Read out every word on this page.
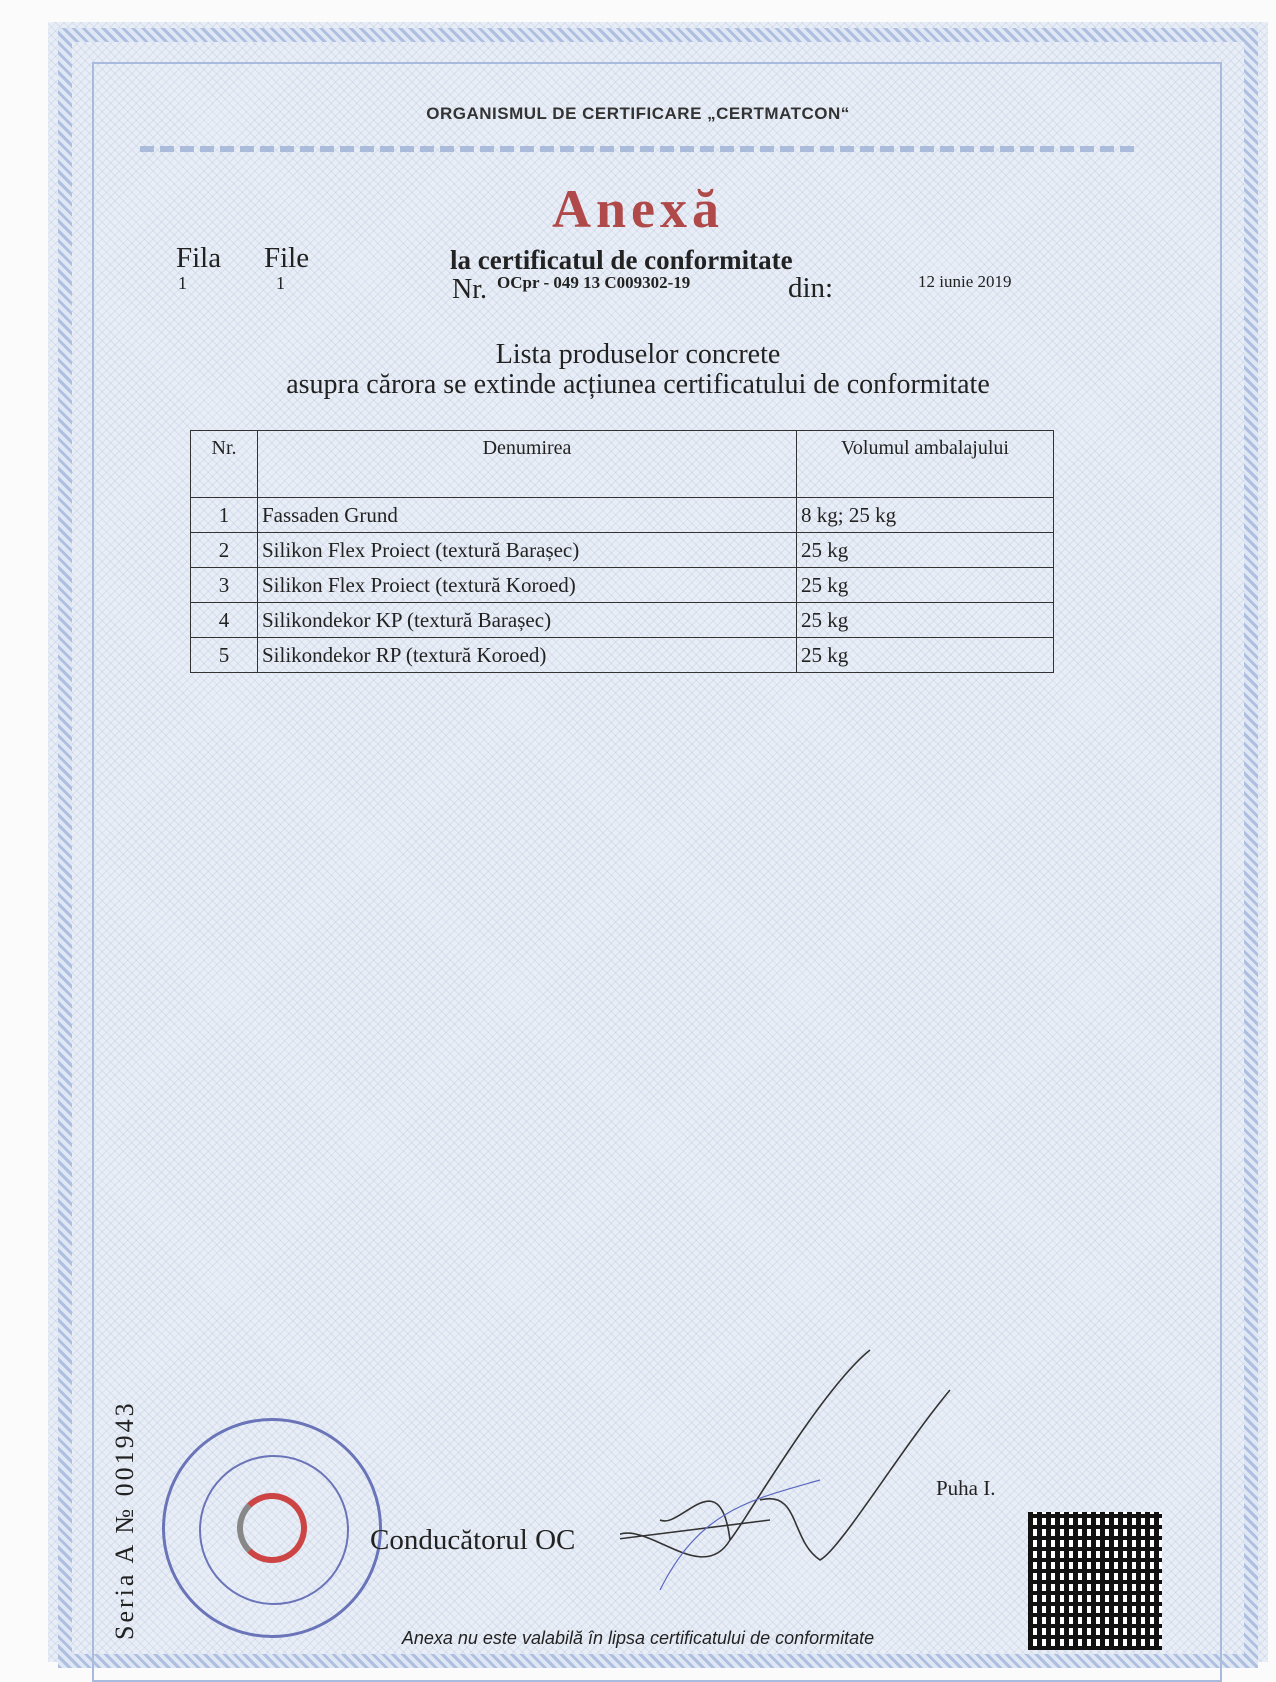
ORGANISMUL DE CERTIFICARE „CERTMATCON“
Anexă
Fila
1
File
1
la certificatul de conformitate
Nr. OCpr - 049 13 C009302-19	din:	12 iunie 2019
Lista produselor concrete
asupra cărora se extinde acțiunea certificatului de conformitate
Nr.	Denumirea	Volumul ambalajului
1	Fassaden Grund	8 kg; 25 kg
2	Silikon Flex Proiect (textură Barașec)	25 kg
3	Silikon Flex Proiect (textură Koroed)	25 kg
4	Silikondekor KP (textură Barașec)	25 kg
5	Silikondekor RP (textură Koroed)	25 kg
Seria A № 001943	Conducătorul OC
Puha I.
Anexa nu este valabilă în lipsa certificatului de conformitate
